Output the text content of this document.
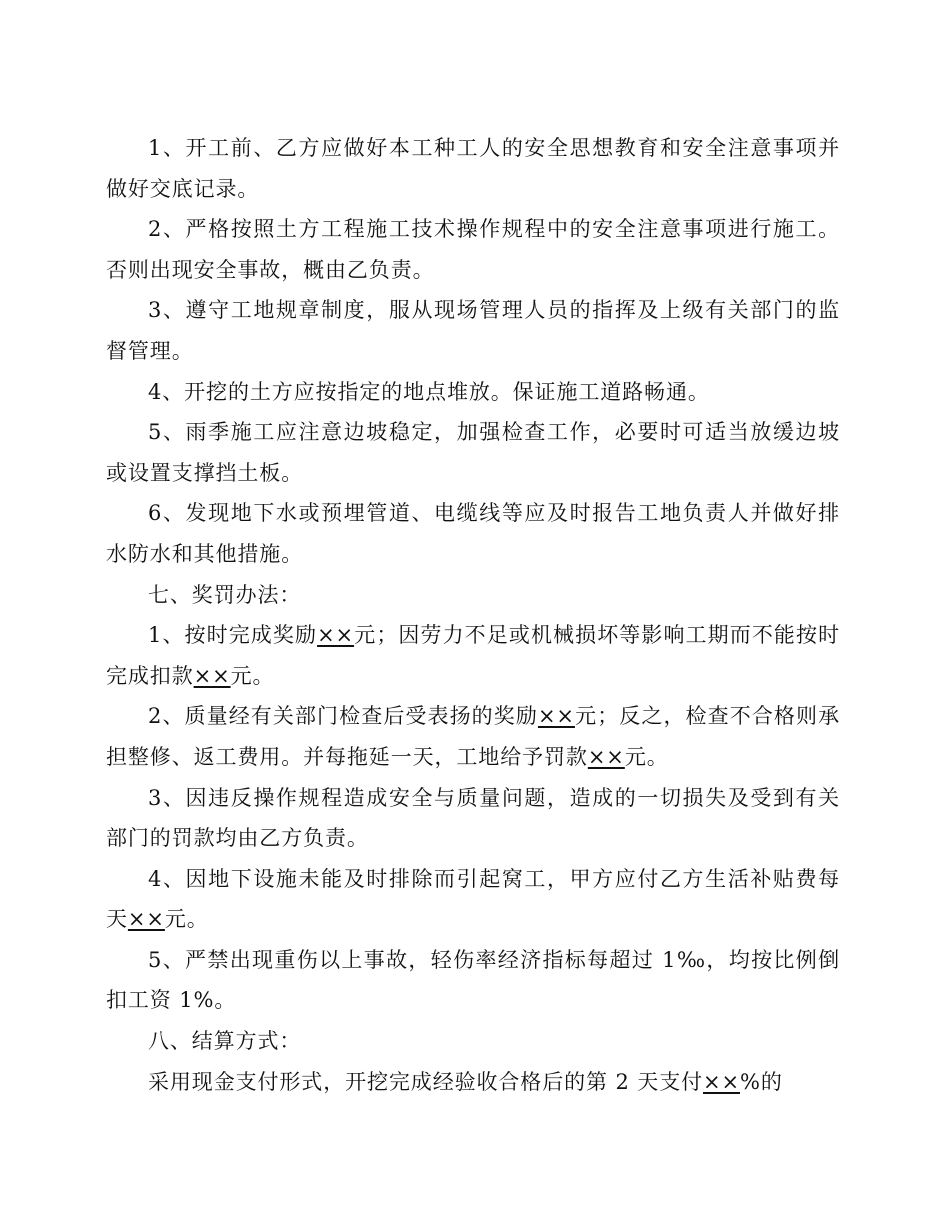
1、开工前、乙方应做好本工种工人的安全思想教育和安全注意事项并做好交底记录。

2、严格按照土方工程施工技术操作规程中的安全注意事项进行施工。否则出现安全事故，概由乙负责。

3、遵守工地规章制度，服从现场管理人员的指挥及上级有关部门的监督管理。

4、开挖的土方应按指定的地点堆放。保证施工道路畅通。

5、雨季施工应注意边坡稳定，加强检查工作，必要时可适当放缓边坡或设置支撑挡土板。

6、发现地下水或预埋管道、电缆线等应及时报告工地负责人并做好排水防水和其他措施。

七、奖罚办法：

1、按时完成奖励××元；因劳力不足或机械损坏等影响工期而不能按时完成扣款××元。

2、质量经有关部门检查后受表扬的奖励××元；反之，检查不合格则承担整修、返工费用。并每拖延一天，工地给予罚款××元。

3、因违反操作规程造成安全与质量问题，造成的一切损失及受到有关部门的罚款均由乙方负责。

4、因地下设施未能及时排除而引起窝工，甲方应付乙方生活补贴费每天××元。

5、严禁出现重伤以上事故，轻伤率经济指标每超过 1‰，均按比例倒扣工资 1%。

八、结算方式：

采用现金支付形式，开挖完成经验收合格后的第 2 天支付××%的
